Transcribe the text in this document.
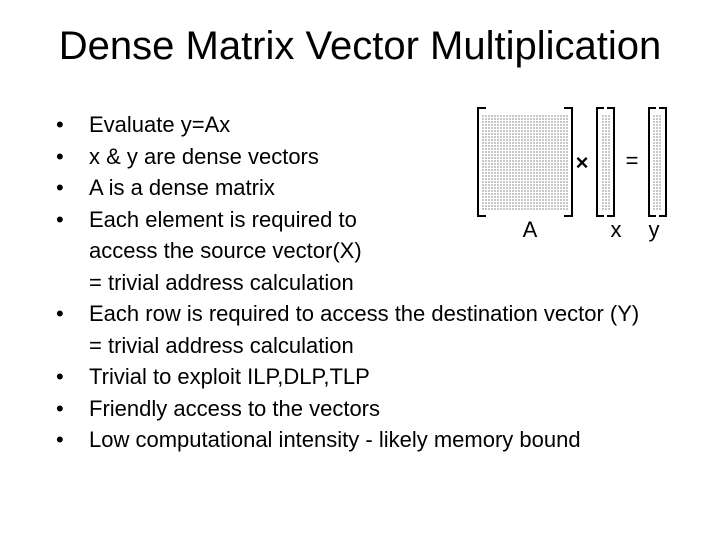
Dense Matrix Vector Multiplication
• Evaluate y=Ax
• x & y are dense vectors
• A is a dense matrix
• Each element is required to
access the source vector(X)
= trivial address calculation
• Each row is required to access the destination vector (Y)
= trivial address calculation
• Trivial to exploit ILP,DLP,TLP
• Friendly access to the vectors
• Low computational intensity - likely memory bound
× =
A	x y
